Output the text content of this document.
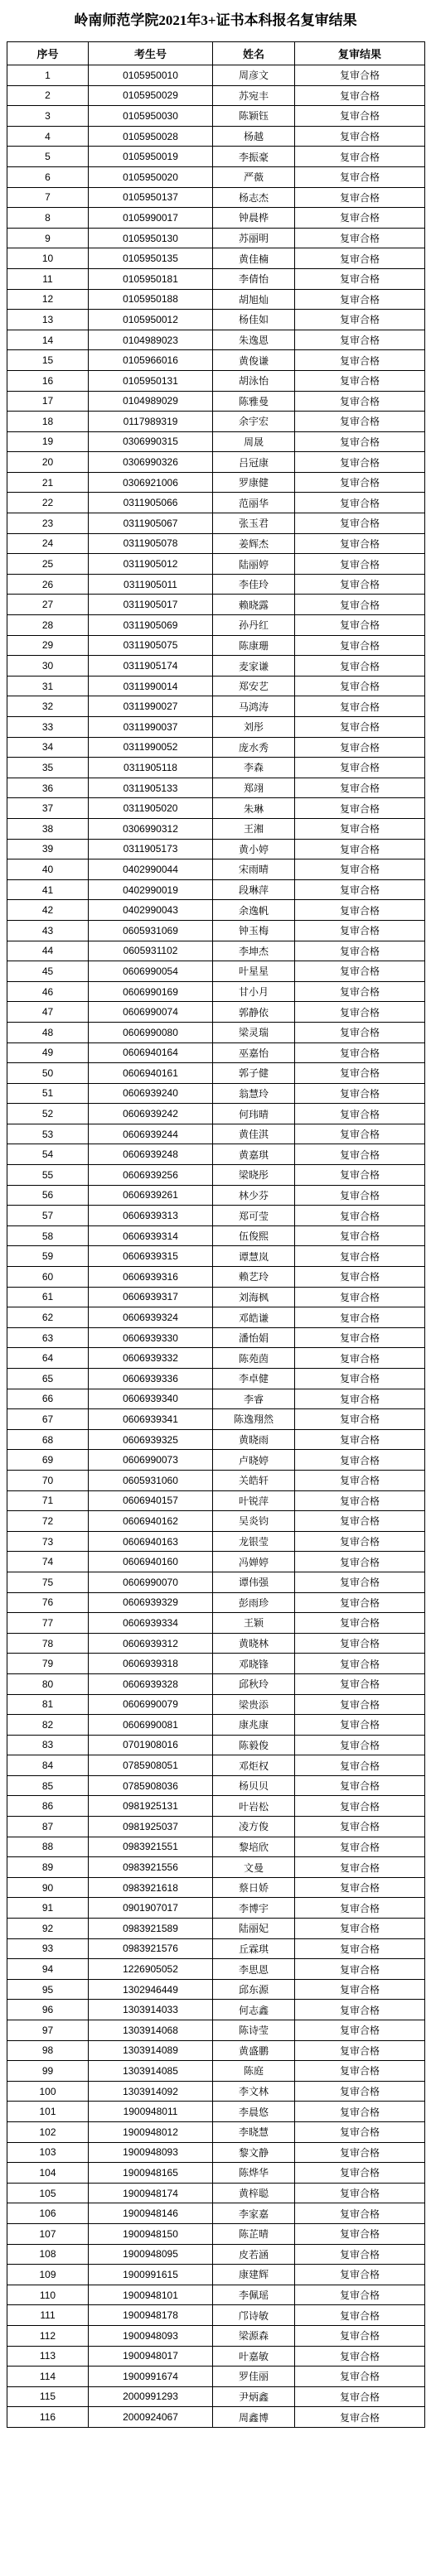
岭南师范学院2021年3+证书本科报名复审结果
序号	考生号	姓名	复审结果
1	0105950010	周彦文	复审合格
2	0105950029	苏宛丰	复审合格
3	0105950030	陈颖钰	复审合格
4	0105950028	杨越	复审合格
5	0105950019	李振豪	复审合格
6	0105950020	严薇	复审合格
7	0105950137	杨志杰	复审合格
8	0105990017	钟晨桦	复审合格
9	0105950130	苏丽明	复审合格
10	0105950135	黄佳楠	复审合格
11	0105950181	李倩怡	复审合格
12	0105950188	胡旭灿	复审合格
13	0105950012	杨佳如	复审合格
14	0104989023	朱逸恩	复审合格
15	0105966016	黄俊谦	复审合格
16	0105950131	胡泳怡	复审合格
17	0104989029	陈雅曼	复审合格
18	0117989319	余宇宏	复审合格
19	0306990315	周晟	复审合格
20	0306990326	吕冠康	复审合格
21	0306921006	罗康健	复审合格
22	0311905066	范丽华	复审合格
23	0311905067	张玉君	复审合格
24	0311905078	姜辉杰	复审合格
25	0311905012	陆丽婷	复审合格
26	0311905011	李佳玲	复审合格
27	0311905017	赖晓露	复审合格
28	0311905069	孙丹红	复审合格
29	0311905075	陈康珊	复审合格
30	0311905174	麦家谦	复审合格
31	0311990014	郑安艺	复审合格
32	0311990027	马鸿涛	复审合格
33	0311990037	刘彤	复审合格
34	0311990052	庞水秀	复审合格
35	0311905118	李森	复审合格
36	0311905133	郑翊	复审合格
37	0311905020	朱琳	复审合格
38	0306990312	王湘	复审合格
39	0311905173	黄小婷	复审合格
40	0402990044	宋雨晴	复审合格
41	0402990019	段琳萍	复审合格
42	0402990043	余逸帆	复审合格
43	0605931069	钟玉梅	复审合格
44	0605931102	李坤杰	复审合格
45	0606990054	叶星星	复审合格
46	0606990169	甘小月	复审合格
47	0606990074	郭静依	复审合格
48	0606990080	梁灵瑞	复审合格
49	0606940164	巫嘉怡	复审合格
50	0606940161	郭子健	复审合格
51	0606939240	翁慧玲	复审合格
52	0606939242	何玮晴	复审合格
53	0606939244	黄佳淇	复审合格
54	0606939248	黄嘉琪	复审合格
55	0606939256	梁晓彤	复审合格
56	0606939261	林少芬	复审合格
57	0606939313	郑可莹	复审合格
58	0606939314	伍俊熙	复审合格
59	0606939315	谭慧岚	复审合格
60	0606939316	赖艺玲	复审合格
61	0606939317	刘海枫	复审合格
62	0606939324	邓皓谦	复审合格
63	0606939330	潘怡娟	复审合格
64	0606939332	陈苑茵	复审合格
65	0606939336	李卓健	复审合格
66	0606939340	李睿	复审合格
67	0606939341	陈逸翔然	复审合格
68	0606939325	黄晓雨	复审合格
69	0606990073	卢晓婷	复审合格
70	0605931060	关皓轩	复审合格
71	0606940157	叶锐萍	复审合格
72	0606940162	吴炎钧	复审合格
73	0606940163	龙银莹	复审合格
74	0606940160	冯婵婷	复审合格
75	0606990070	谭伟强	复审合格
76	0606939329	彭雨珍	复审合格
77	0606939334	王颖	复审合格
78	0606939312	黄晓林	复审合格
79	0606939318	邓晓锋	复审合格
80	0606939328	邱秋玲	复审合格
81	0606990079	梁贵添	复审合格
82	0606990081	康兆康	复审合格
83	0701908016	陈毅俊	复审合格
84	0785908051	邓炬权	复审合格
85	0785908036	杨贝贝	复审合格
86	0981925131	叶岩松	复审合格
87	0981925037	凌方俊	复审合格
88	0983921551	黎培欣	复审合格
89	0983921556	文曼	复审合格
90	0983921618	蔡日娇	复审合格
91	0901907017	李博宇	复审合格
92	0983921589	陆丽妃	复审合格
93	0983921576	丘霖琪	复审合格
94	1226905052	李思恩	复审合格
95	1302946449	邱东源	复审合格
96	1303914033	何志鑫	复审合格
97	1303914068	陈诗莹	复审合格
98	1303914089	黄盛鹏	复审合格
99	1303914085	陈庭	复审合格
100	1303914092	李文林	复审合格
101	1900948011	李晨悠	复审合格
102	1900948012	李晓慧	复审合格
103	1900948093	黎文静	复审合格
104	1900948165	陈烨华	复审合格
105	1900948174	黄梓聪	复审合格
106	1900948146	李家嘉	复审合格
107	1900948150	陈芷晴	复审合格
108	1900948095	皮若涵	复审合格
109	1900991615	康建辉	复审合格
110	1900948101	李佩瑶	复审合格
111	1900948178	邝诗敏	复审合格
112	1900948093	梁源森	复审合格
113	1900948017	叶嘉敏	复审合格
114	1900991674	罗佳丽	复审合格
115	2000991293	尹炳鑫	复审合格
116	2000924067	周鑫博	复审合格
